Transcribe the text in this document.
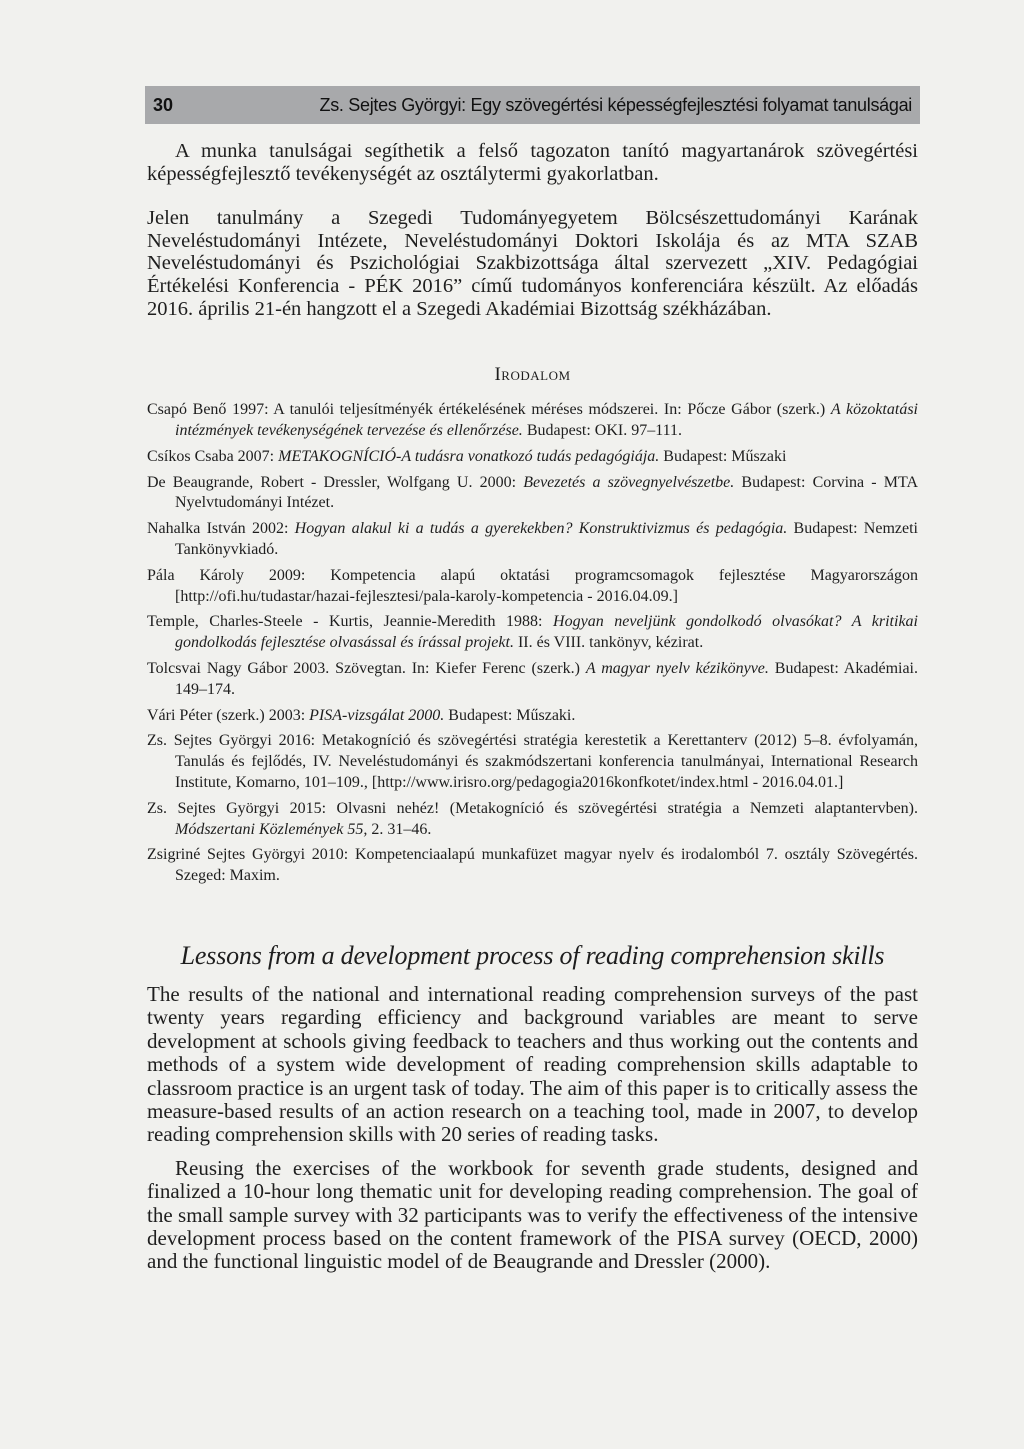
30	Zs. Sejtes Györgyi: Egy szövegértési képességfejlesztési folyamat tanulságai

A munka tanulságai segíthetik a felső tagozaton tanító magyartanárok szövegértési képességfejlesztő tevékenységét az osztálytermi gyakorlatban.

Jelen tanulmány a Szegedi Tudományegyetem Bölcsészettudományi Karának Neveléstudományi Intézete, Neveléstudományi Doktori Iskolája és az MTA SZAB Neveléstudományi és Pszichológiai Szakbizottsága által szervezett „XIV. Pedagógiai Értékelési Konferencia - PÉK 2016” című tudományos konferenciára készült. Az előadás 2016. április 21-én hangzott el a Szegedi Akadémiai Bizottság székházában.

Irodalom
Csapó Benő 1997: A tanulói teljesítményék értékelésének méréses módszerei. In: Pőcze Gábor (szerk.) A közoktatási intézmények tevékenységének tervezése és ellenőrzése. Budapest: OKI. 97–111.
Csíkos Csaba 2007: METAKOGNÍCIÓ-A tudásra vonatkozó tudás pedagógiája. Budapest: Műszaki
De Beaugrande, Robert - Dressler, Wolfgang U. 2000: Bevezetés a szövegnyelvészetbe. Budapest: Corvina - MTA Nyelvtudományi Intézet.
Nahalka István 2002: Hogyan alakul ki a tudás a gyerekekben? Konstruktivizmus és pedagógia. Budapest: Nemzeti Tankönyvkiadó.
Pála Károly 2009: Kompetencia alapú oktatási programcsomagok fejlesztése Magyarországon [http://ofi.hu/tudastar/hazai-fejlesztesi/pala-karoly-kompetencia - 2016.04.09.]
Temple, Charles-Steele - Kurtis, Jeannie-Meredith 1988: Hogyan neveljünk gondolkodó olvasókat? A kritikai gondolkodás fejlesztése olvasással és írással projekt. II. és VIII. tankönyv, kézirat.
Tolcsvai Nagy Gábor 2003. Szövegtan. In: Kiefer Ferenc (szerk.) A magyar nyelv kézikönyve. Budapest: Akadémiai. 149–174.
Vári Péter (szerk.) 2003: PISA-vizsgálat 2000. Budapest: Műszaki.
Zs. Sejtes Györgyi 2016: Metakogníció és szövegértési stratégia kerestetik a Kerettanterv (2012) 5–8. évfolyamán, Tanulás és fejlődés, IV. Neveléstudományi és szakmódszertani konferencia tanulmányai, International Research Institute, Komarno, 101–109., [http://www.irisro.org/pedagogia2016konfkotet/index.html - 2016.04.01.]
Zs. Sejtes Györgyi 2015: Olvasni nehéz! (Metakogníció és szövegértési stratégia a Nemzeti alaptantervben). Módszertani Közlemények 55, 2. 31–46.
Zsigriné Sejtes Györgyi 2010: Kompetenciaalapú munkafüzet magyar nyelv és irodalomból 7. osztály Szövegértés. Szeged: Maxim.
Lessons from a development process of reading comprehension skills

The results of the national and international reading comprehension surveys of the past twenty years regarding efficiency and background variables are meant to serve development at schools giving feedback to teachers and thus working out the contents and methods of a system wide development of reading comprehension skills adaptable to classroom practice is an urgent task of today. The aim of this paper is to critically assess the measure-based results of an action research on a teaching tool, made in 2007, to develop reading comprehension skills with 20 series of reading tasks.

Reusing the exercises of the workbook for seventh grade students, designed and finalized a 10-hour long thematic unit for developing reading comprehension. The goal of the small sample survey with 32 participants was to verify the effectiveness of the intensive development process based on the content framework of the PISA survey (OECD, 2000) and the functional linguistic model of de Beaugrande and Dressler (2000).
